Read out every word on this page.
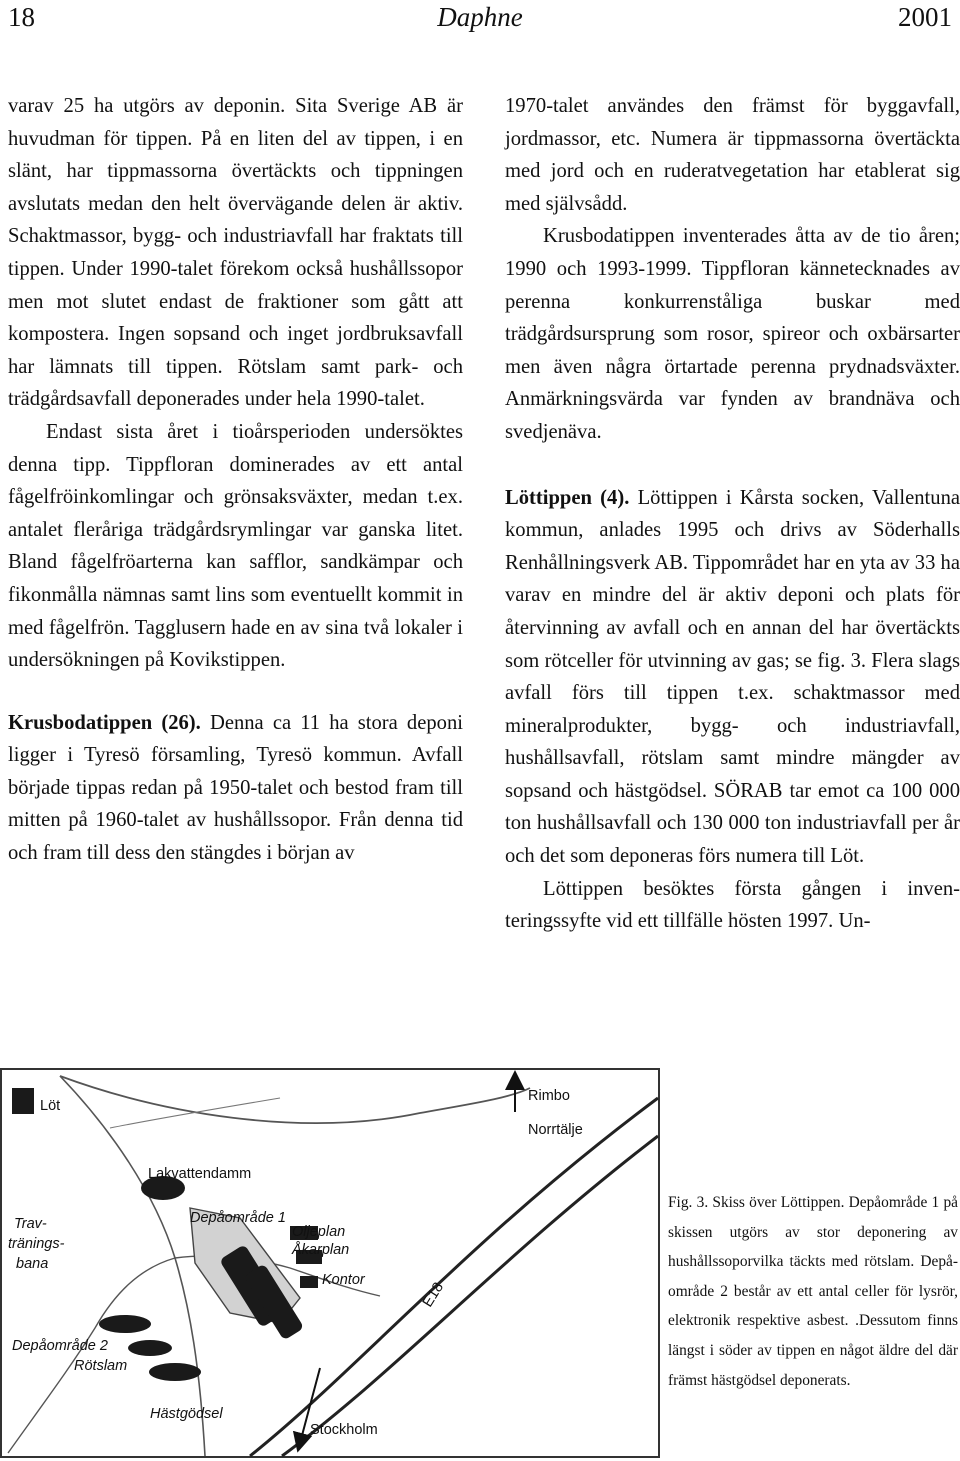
18	Daphne	2001

varav 25 ha utgörs av deponin. Sita Sverige AB är huvudman för tippen. På en liten del av tippen, i en slänt, har tippmassorna övertäckts och tippningen avslutats medan den helt övervägande delen är aktiv. Schaktmassor, bygg- och industriavfall har fraktats till tippen. Under 1990-talet förekom också hushållssopor men mot slutet endast de fraktioner som gått att kompostera. Ingen sopsand och inget jordbruksavfall har lämnats till tippen. Rötslam samt park- och trädgårdsavfall deponerades under hela 1990-talet.

Endast sista året i tioårsperioden undersöktes denna tipp. Tippfloran dominerades av ett antal fågelfröinkomlingar och grönsaksväxter, medan t.ex. antalet fleråriga trädgårdsrymlingar var ganska litet. Bland fågelfröarterna kan safflor, sandkämpar och fikonmålla nämnas samt lins som eventuellt kommit in med fågelfrön. Tagglusern hade en av sina två lokaler i undersökningen på Kovikstippen.

Krusbodatippen (26). Denna ca 11 ha stora deponi ligger i Tyresö församling, Tyresö kommun. Avfall började tippas redan på 1950-talet och bestod fram till mitten på 1960-talet av hushållssopor. Från denna tid och fram till dess den stängdes i början av

1970-talet användes den främst för byggavfall, jordmassor, etc. Numera är tippmassorna övertäckta med jord och en ruderatvegetation har etablerat sig med självsådd.

Krusbodatippen inventerades åtta av de tio åren; 1990 och 1993-1999. Tippfloran kännetecknades av perenna konkurrenståliga buskar med trädgårdsursprung som rosor, spireor och oxbärsarter men även några örtartade perenna prydnadsväxter. Anmärkningsvärda var fynden av brandnäva och svedjenäva.

Löttippen (4). Löttippen i Kårsta socken, Vallentuna kommun, anlades 1995 och drivs av Söderhalls Renhållningsverk AB. Tippområdet har en yta av 33 ha varav en mindre del är aktiv deponi och plats för återvinning av avfall och en annan del har övertäckts som rötceller för utvinning av gas; se fig. 3. Flera slags avfall förs till tippen t.ex. schaktmassor med mineralprodukter, bygg- och industriavfall, hushållsavfall, rötslam samt mindre mängder av sopsand och hästgödsel. SÖRAB tar emot ca 100 000 ton hushållsavfall och 130 000 ton industriavfall per år och det som deponeras förs numera till Löt.

Löttippen besöktes första gången i inventeringssyfte vid ett tillfälle hösten 1997. Un-

Löt
Rimbo
Norrtälje
Lakvattendamm
Depåområde 1
Oljeplan
Åkarplan
Kontor
Trav-
tränings-
bana
Depåområde 2
Rötslam
Hästgödsel
Stockholm
E18
Fig. 3. Skiss över Löttippen. Depåområde 1 på skissen utgörs av stor deponering av hushållssoporvilka täckts med rötslam. Depåområde 2 består av ett antal celler för lysrör, elektronik respektive asbest. .Dessutom finns längst i söder av tippen en något äldre del där främst hästgödsel deponerats.
